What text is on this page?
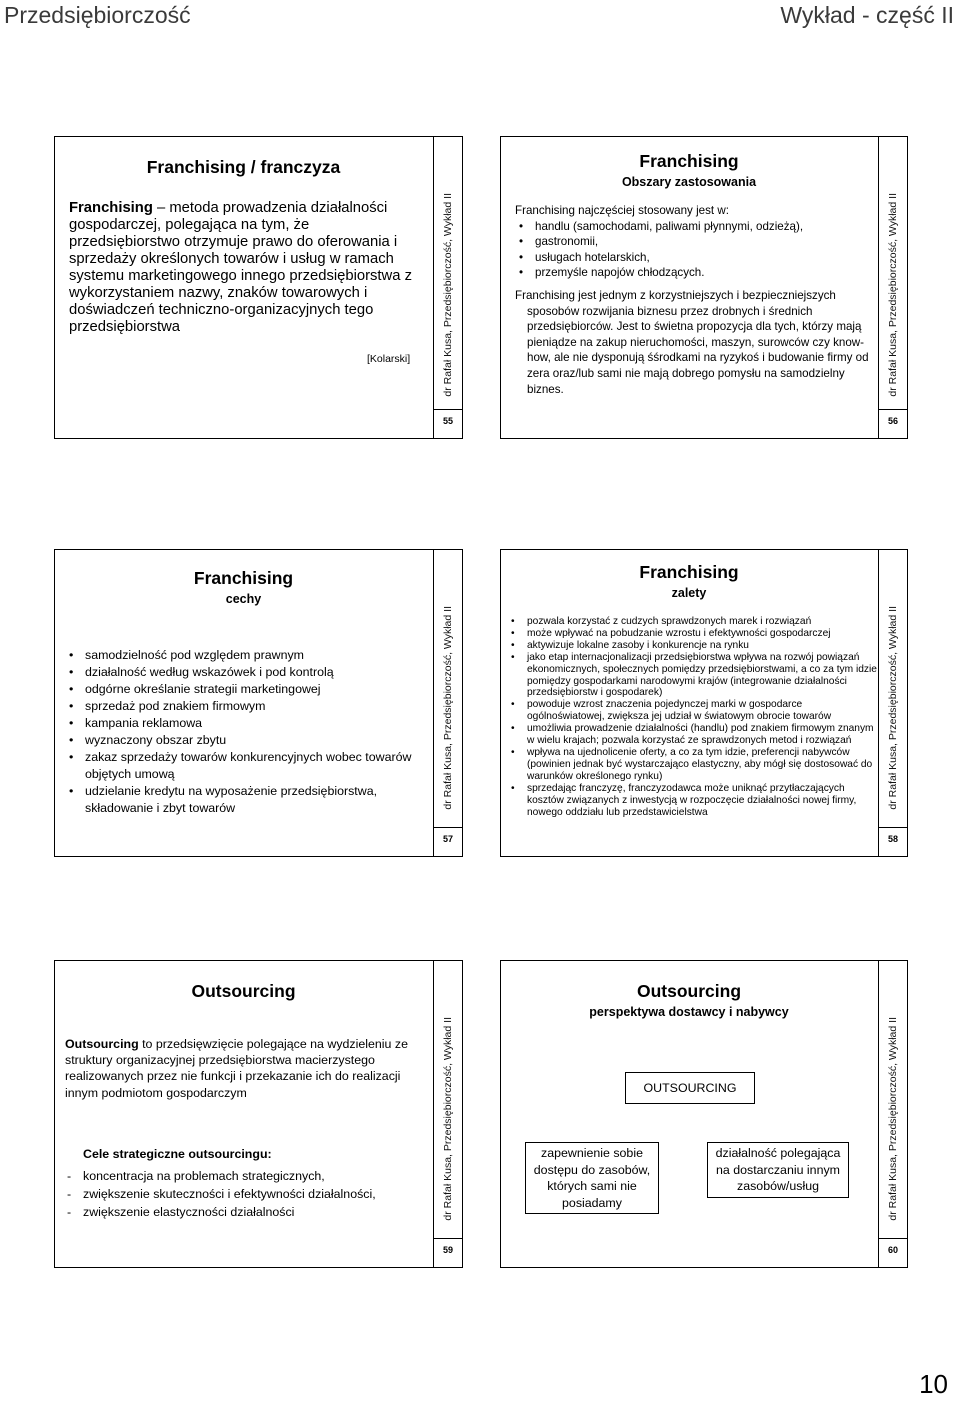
Przedsiębiorczość	Wykład - część II
Franchising / franczyza

Franchising – metoda prowadzenia działalności gospodarczej, polegająca na tym, że przedsiębiorstwo otrzymuje prawo do oferowania i sprzedaży określonych towarów i usług w ramach systemu marketingowego innego przedsiębiorstwa z wykorzystaniem nazwy, znaków towarowych i doświadczeń techniczno-organizacyjnych tego przedsiębiorstwa

[Kolarski]	dr Rafał Kusa, Przedsiębiorczość, Wykład II
55
Franchising
Obszary zastosowania

Franchising najczęściej stosowany jest w:

• handlu (samochodami, paliwami płynnymi, odzieżą),
• gastronomii,
• usługach hotelarskich,
• przemyśle napojów chłodzących.

Franchising jest jednym z korzystniejszych i bezpieczniejszych sposobów rozwijania biznesu przez drobnych i średnich przedsiębiorców. Jest to świetna propozycja dla tych, którzy mają pieniądze na zakup nieruchomości, maszyn, surowców czy know-how, ale nie dysponują śśrodkami na ryzykoś i budowanie firmy od zera oraz/lub sami nie mają dobrego pomysłu na samodzielny biznes.	dr Rafał Kusa, Przedsiębiorczość, Wykład II
56
Franchising
cechy
• samodzielność pod względem prawnym
• działalność według wskazówek i pod kontrolą
• odgórne określanie strategii marketingowej
• sprzedaż pod znakiem firmowym
• kampania reklamowa
• wyznaczony obszar zbytu
• zakaz sprzedaży towarów konkurencyjnych wobec towarów objętych umową
• udzielanie kredytu na wyposażenie przedsiębiorstwa, składowanie i zbyt towarów	dr Rafał Kusa, Przedsiębiorczość, Wykład II
57
Franchising
zalety
• pozwala korzystać z cudzych sprawdzonych marek i rozwiązań
• może wpływać na pobudzanie wzrostu i efektywności gospodarczej
• aktywizuje lokalne zasoby i konkurencje na rynku
• jako etap internacjonalizacji przedsiębiorstwa wpływa na rozwój powiązań ekonomicznych, społecznych pomiędzy przedsiębiorstwami, a co za tym idzie pomiędzy gospodarkami narodowymi krajów (integrowanie działalności przedsiębiorstw i gospodarek)
• powoduje wzrost znaczenia pojedynczej marki w gospodarce ogólnoświatowej, zwiększa jej udział w światowym obrocie towarów
• umożliwia prowadzenie działalności (handlu) pod znakiem firmowym znanym w wielu krajach; pozwala korzystać ze sprawdzonych metod i rozwiązań
• wpływa na ujednolicenie oferty, a co za tym idzie, preferencji nabywców (powinien jednak być wystarczająco elastyczny, aby mógł się dostosować do warunków określonego rynku)
• sprzedając franczyzę, franczyzodawca może uniknąć przytłaczających kosztów związanych z inwestycją w rozpoczęcie działalności nowej firmy, nowego oddziału lub przedstawicielstwa
dr Rafał Kusa, Przedsiębiorczość, Wykład II
58
Outsourcing

Outsourcing to przedsięwzięcie polegające na wydzieleniu ze struktury organizacyjnej przedsiębiorstwa macierzystego realizowanych przez nie funkcji i przekazanie ich do realizacji innym podmiotom gospodarczym

Cele strategiczne outsourcingu:
- koncentracja na problemach strategicznych,
- zwiększenie skuteczności i efektywności działalności,
- zwiększenie elastyczności działalności	dr Rafał Kusa, Przedsiębiorczość, Wykład II
59
Outsourcing
perspektywa dostawcy i nabywcy
OUTSOURCING
zapewnienie sobie dostępu do zasobów, których sami nie posiadamy
działalność polegająca na dostarczaniu innym zasobów/usług	dr Rafał Kusa, Przedsiębiorczość, Wykład II
60
10
